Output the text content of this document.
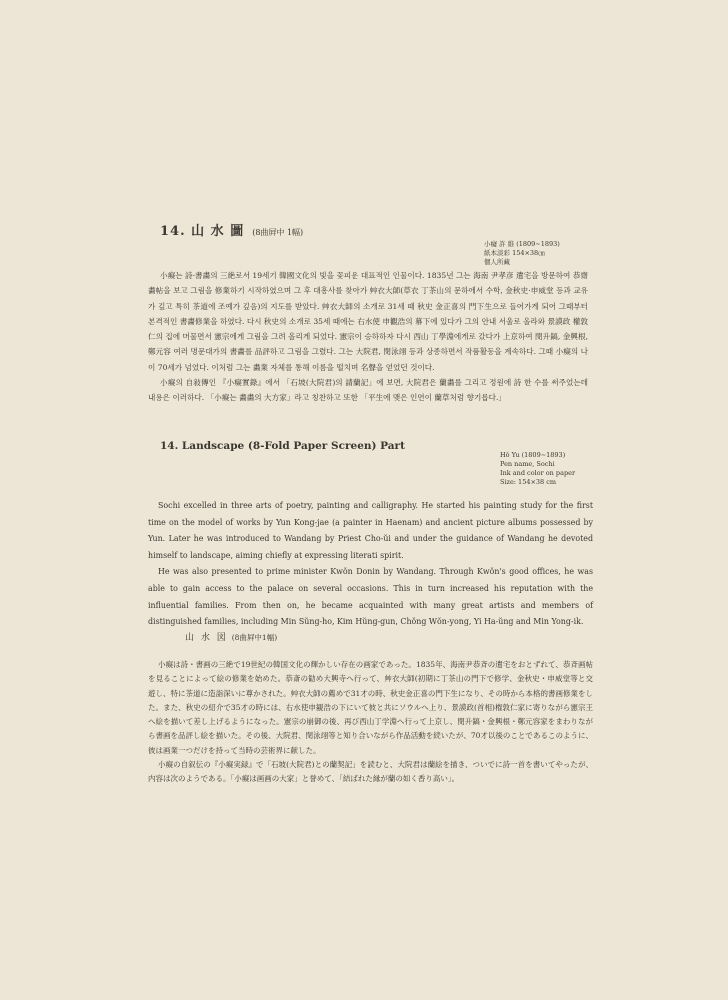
14. 山 水 圖 (8曲屛中 1幅)
小癡 許 維 (1809∼1893)
紙本淡彩 154×38㎝
個人所藏

小癡는 詩·書畵의 三絶로서 19세기 韓國文化의 빛을 꽃피운 대표적인 인물이다. 1835년 그는 海南 尹孝彦 遺宅을 방문하여 恭齋畵帖을 보고 그림을 修業하기 시작하였으며 그 후 대흥사를 찾아가 艸衣大師(草衣 丁茶山의 문하에서 수학, 金秋史·申威堂 등과 교유가 깊고 특히 茶道에 조예가 깊음)의 지도를 받았다. 艸衣大師의 소개로 31세 때 秋史 金正喜의 門下生으로 들어가게 되어 그때부터 본격적인 書畵修業을 하였다. 다시 秋史의 소개로 35세 때에는 右水使 申觀浩의 幕下에 있다가 그의 안내 서울로 올라와 景謨政 權敦仁의 집에 머물면서 憲宗에게 그림을 그려 올리게 되었다. 憲宗이 승하하자 다시 西山 丁學淵에게로 갔다가 上京하여 閔升鎬, 金興根, 鄭元容 여러 명문대가의 書畵를 品評하고 그림을 그렸다. 그는 大院君, 閔泳翊 등과 상종하면서 작품활동을 계속하다. 그때 小癡의 나이 70세가 넘었다. 이처럼 그는 畵業 자체를 통해 이름을 떨치며 名聲을 얻었던 것이다.

小癡의 自敍傳인 『小癡實錄』에서 「石坡(大院君)의 請蘭記」에 보면, 大院君은 蘭畵를 그리고 정원에 詩 한 수를 써주었는데 내용은 이러하다. 「小癡는 畵畵의 大方家」라고 칭찬하고 또한 「平生에 맺은 인연이 蘭草처럼 향기롭다.」

14. Landscape (8-Fold Paper Screen) Part
Hŏ Yu (1809∼1893)
Pen name, Sochi
Ink and color on paper
Size: 154×38 cm

Sochi excelled in three arts of poetry, painting and calligraphy. He started his painting study for the first time on the model of works by Yun Kong-jae (a painter in Haenam) and ancient picture albums possessed by Yun. Later he was introduced to Wandang by Priest Cho-ŭi and under the guidance of Wandang he devoted himself to landscape, aiming chiefly at expressing literati spirit.

He was also presented to prime minister Kwŏn Donin by Wandang. Through Kwŏn's good offices, he was able to gain access to the palace on several occasions. This in turn increased his reputation with the influential families. From then on, he became acquainted with many great artists and members of distinguished families, including Min Sŭng-ho, Kim Hŭng-gun, Chŏng Wŏn-yong, Yi Ha-ŭng and Min Yong-ik.

山 水 図 (8曲屛中1幅)

小癡は詩・書画の三絶で19世紀の韓国文化の輝かしい存在の画家であった。1835年、海南尹恭斉の遺宅をおとずれて、恭斉画帖を見ることによって絵の修業を始めた。恭斎の勧め大興寺へ行って、艸衣大師(初期に丁茶山の門下で修学、金秋史・申威堂等と交遊し、特に茶道に造詣深いに尊かされた。艸衣大師の薦めで31才の時、秋史金正喜の門下生になり、その時から本格的書画修業をした。また、秋史の紹介で35才の時には、右水使申観浩の下にいて彼と共にソウルへ上り、景謨政(首相)権敦仁家に寄りながら憲宗王へ絵を描いて差し上げるようになった。憲宗の崩御の後、再び西山丁学淵へ行って上京し、閔升鎬・金興根・鄭元容家をまわりながら書画を品評し絵を描いた。その後、大院君、閔泳翊等と知り合いながら作品活動を続いたが、70才以後のことであるこのように、彼は画業一つだけを持って当時の芸術界に献した。

小癡の自叙伝の『小癡実録』で「石坡(大院君)との蘭契記」を読むと、大院君は蘭絵を描き、ついでに詩一首を書いてやったが、内容は次のようである。「小癡は画画の大家」と誉めて、「結ばれた縁が蘭の如く香り高い」。
